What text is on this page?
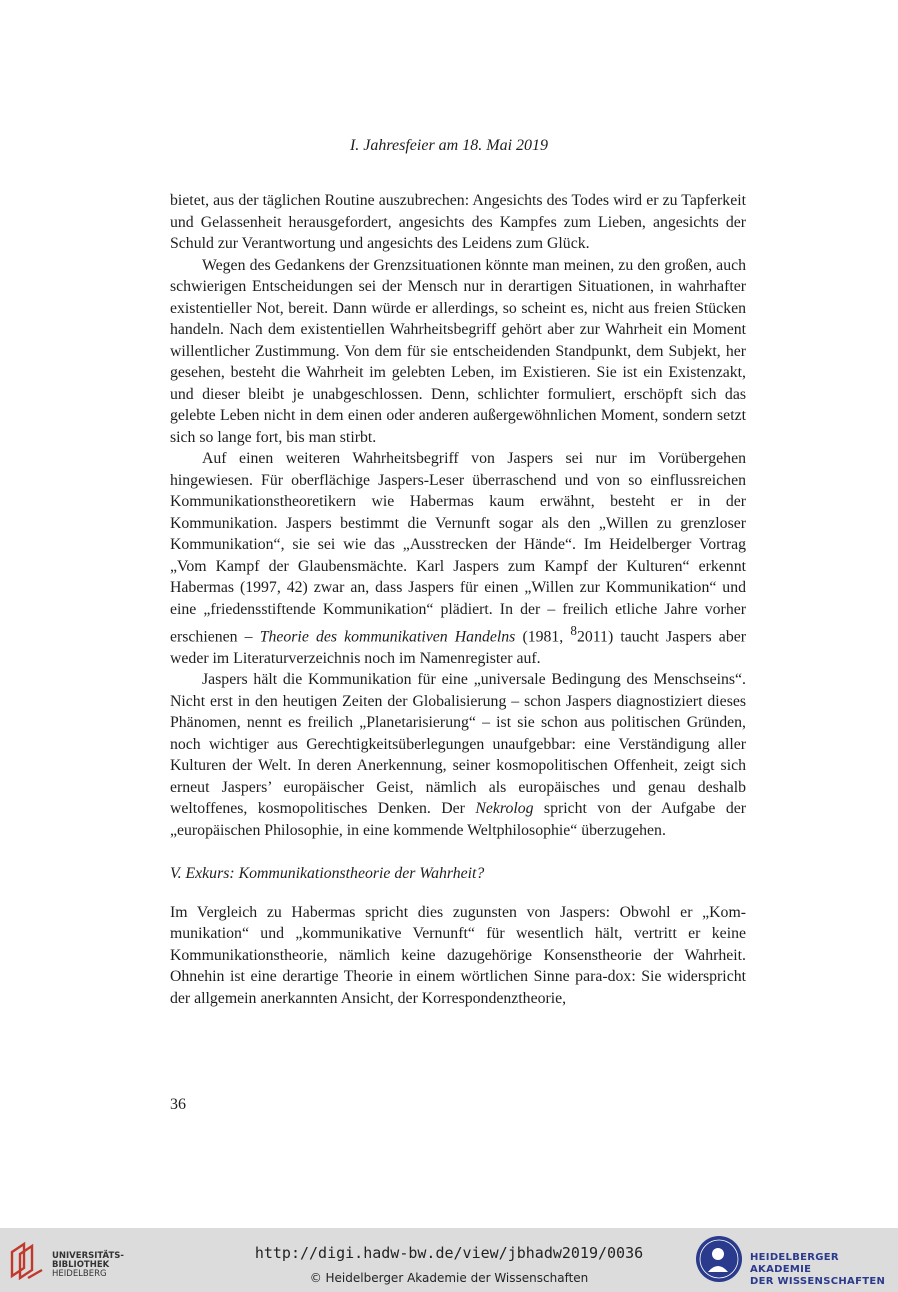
I. Jahresfeier am 18. Mai 2019

bietet, aus der täglichen Routine auszubrechen: Angesichts des Todes wird er zu Tapferkeit und Gelassenheit herausgefordert, angesichts des Kampfes zum Lieben, angesichts der Schuld zur Verantwortung und angesichts des Leidens zum Glück.

Wegen des Gedankens der Grenzsituationen könnte man meinen, zu den großen, auch schwierigen Entscheidungen sei der Mensch nur in derartigen Situationen, in wahrhafter existentieller Not, bereit. Dann würde er allerdings, so scheint es, nicht aus freien Stücken handeln. Nach dem existentiellen Wahrheitsbegriff gehört aber zur Wahrheit ein Moment willentlicher Zustimmung. Von dem für sie entscheidenden Standpunkt, dem Subjekt, her gesehen, besteht die Wahrheit im gelebten Leben, im Existieren. Sie ist ein Existenzakt, und dieser bleibt je unabgeschlossen. Denn, schlichter formuliert, erschöpft sich das gelebte Leben nicht in dem einen oder anderen außergewöhnlichen Moment, sondern setzt sich so lange fort, bis man stirbt.

Auf einen weiteren Wahrheitsbegriff von Jaspers sei nur im Vorübergehen hingewiesen. Für oberflächige Jaspers-Leser überraschend und von so einflussreichen Kommunikationstheoretikern wie Habermas kaum erwähnt, besteht er in der Kommunikation. Jaspers bestimmt die Vernunft sogar als den „Willen zu grenzloser Kommunikation“, sie sei wie das „Ausstrecken der Hände“. Im Heidelberger Vortrag „Vom Kampf der Glaubensmächte. Karl Jaspers zum Kampf der Kulturen“ erkennt Habermas (1997, 42) zwar an, dass Jaspers für einen „Willen zur Kommunikation“ und eine „friedensstiftende Kommunikation“ plädiert. In der – freilich etliche Jahre vorher erschienen – Theorie des kommunikativen Handelns (1981, $^8$2011) taucht Jaspers aber weder im Literaturverzeichnis noch im Namenregister auf.

Jaspers hält die Kommunikation für eine „universale Bedingung des Menschseins“. Nicht erst in den heutigen Zeiten der Globalisierung – schon Jaspers diagnostiziert dieses Phänomen, nennt es freilich „Planetarisierung“ – ist sie schon aus politischen Gründen, noch wichtiger aus Gerechtigkeitsüberlegungen unaufgebbar: eine Verständigung aller Kulturen der Welt. In deren Anerkennung, seiner kosmopolitischen Offenheit, zeigt sich erneut Jaspers’ europäischer Geist, nämlich als europäisches und genau deshalb weltoffenes, kosmopolitisches Denken. Der Nekrolog spricht von der Aufgabe der „europäischen Philosophie, in eine kommende Weltphilosophie“ überzugehen.

V. Exkurs: Kommunikationstheorie der Wahrheit?

Im Vergleich zu Habermas spricht dies zugunsten von Jaspers: Obwohl er „Kommunikation“ und „kommunikative Vernunft“ für wesentlich hält, vertritt er keine Kommunikationstheorie, nämlich keine dazugehörige Konsenstheorie der Wahrheit. Ohnehin ist eine derartige Theorie in einem wörtlichen Sinne para-dox: Sie widerspricht der allgemein anerkannten Ansicht, der Korrespondenztheorie,

36
UNIVERSITÄTS-
BIBLIOTHEK
HEIDELBERG
http://digi.hadw-bw.de/view/jbhadw2019/0036
© Heidelberger Akademie der Wissenschaften
HEIDELBERGER AKADEMIE
DER WISSENSCHAFTEN
